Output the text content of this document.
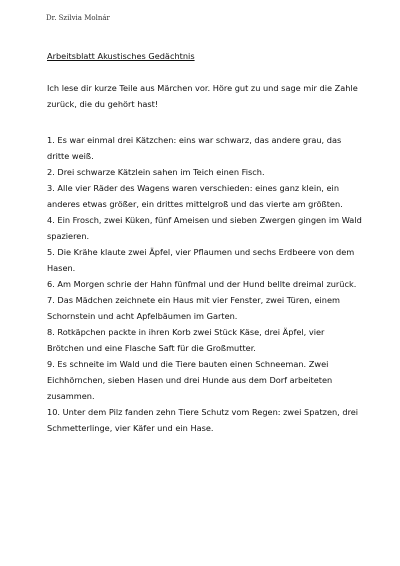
Dr. Szilvia Molnár

Arbeitsblatt Akustisches Gedächtnis

Ich lese dir kurze Teile aus Märchen vor. Höre gut zu und sage mir die Zahle zurück, die du gehört hast!

1. Es war einmal drei Kätzchen: eins war schwarz, das andere grau, das dritte weiß.
2. Drei schwarze Kätzlein sahen im Teich einen Fisch.
3. Alle vier Räder des Wagens waren verschieden: eines ganz klein, ein anderes etwas größer, ein drittes mittelgroß und das vierte am größten.
4. Ein Frosch, zwei Küken, fünf Ameisen und sieben Zwergen gingen im Wald spazieren.
5. Die Krähe klaute zwei Äpfel, vier Pflaumen und sechs Erdbeere von dem Hasen.
6. Am Morgen schrie der Hahn fünfmal und der Hund bellte dreimal zurück.
7. Das Mädchen zeichnete ein Haus mit vier Fenster, zwei Türen, einem Schornstein und acht Apfelbäumen im Garten.
8. Rotkäpchen packte in ihren Korb zwei Stück Käse, drei Äpfel, vier Brötchen und eine Flasche Saft für die Großmutter.
9. Es schneite im Wald und die Tiere bauten einen Schneeman. Zwei Eichhörnchen, sieben Hasen und drei Hunde aus dem Dorf arbeiteten zusammen.
10. Unter dem Pilz fanden zehn Tiere Schutz vom Regen: zwei Spatzen, drei Schmetterlinge, vier Käfer und ein Hase.
